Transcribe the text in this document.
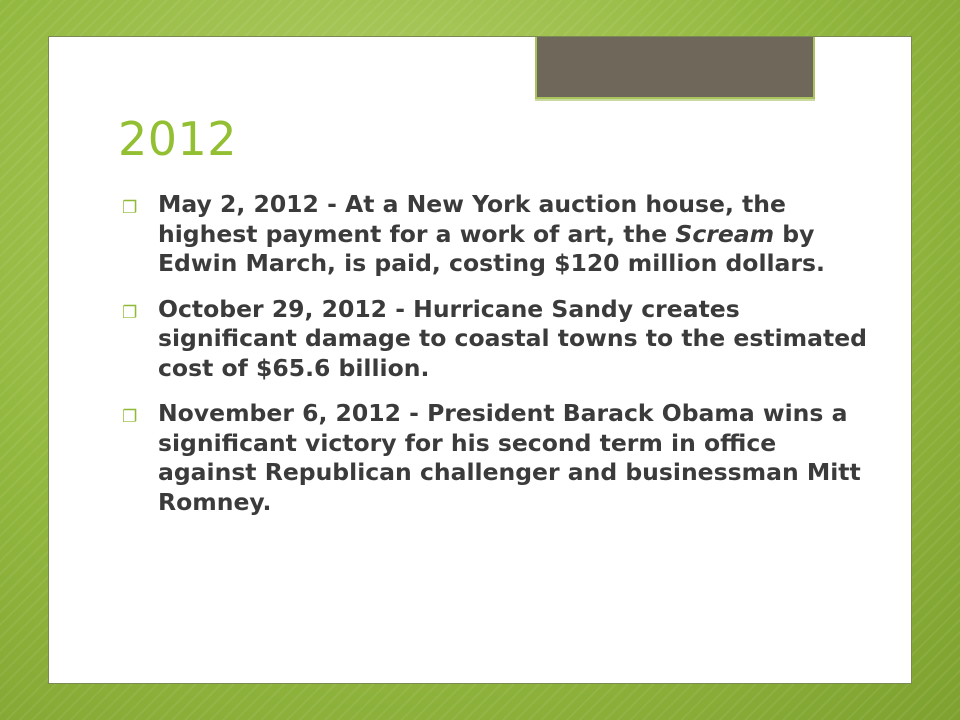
2012
❐ May 2, 2012 - At a New York auction house, the highest payment for a work of art, the Scream by Edwin March, is paid, costing $120 million dollars.
❐ October 29, 2012 - Hurricane Sandy creates significant damage to coastal towns to the estimated cost of $65.6 billion.
❐ November 6, 2012 - President Barack Obama wins a significant victory for his second term in office against Republican challenger and businessman Mitt Romney.
